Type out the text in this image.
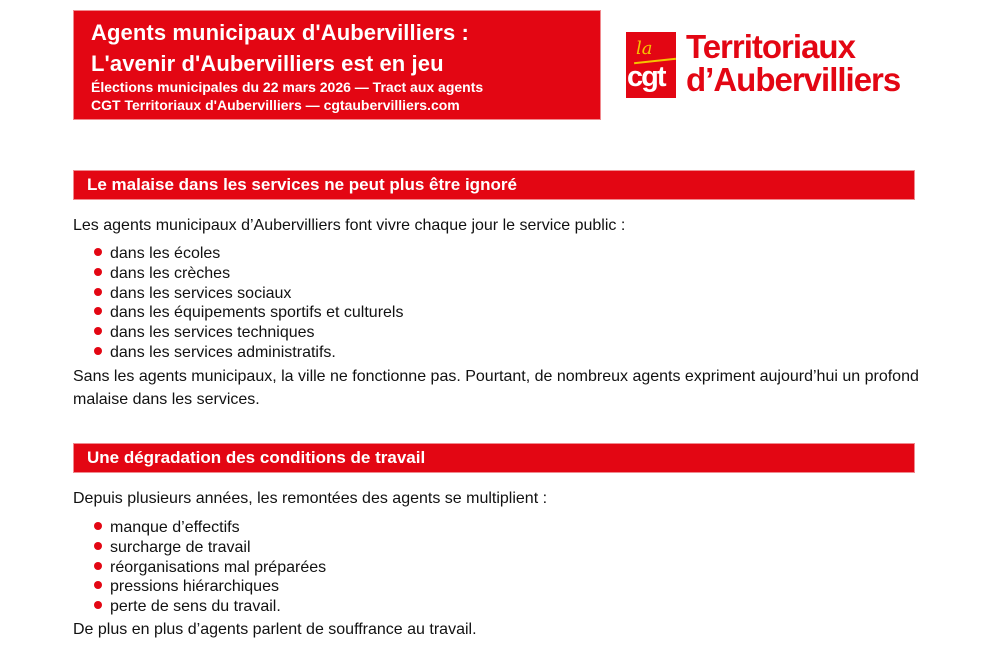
Agents municipaux d'Aubervilliers :
L'avenir d'Aubervilliers est en jeu
Élections municipales du 22 mars 2026 — Tract aux agents
CGT Territoriaux d'Aubervilliers — cgtaubervilliers.com
la
cgt
Territoriaux
d’Aubervilliers
Le malaise dans les services ne peut plus être ignoré

Les agents municipaux d’Aubervilliers font vivre chaque jour le service public :

dans les écoles
dans les crèches
dans les services sociaux
dans les équipements sportifs et culturels
dans les services techniques
dans les services administratifs.

Sans les agents municipaux, la ville ne fonctionne pas. Pourtant, de nombreux agents expriment aujourd’hui un profond malaise dans les services.

Une dégradation des conditions de travail

Depuis plusieurs années, les remontées des agents se multiplient :

manque d’effectifs
surcharge de travail
réorganisations mal préparées
pressions hiérarchiques
perte de sens du travail.

De plus en plus d’agents parlent de souffrance au travail.
